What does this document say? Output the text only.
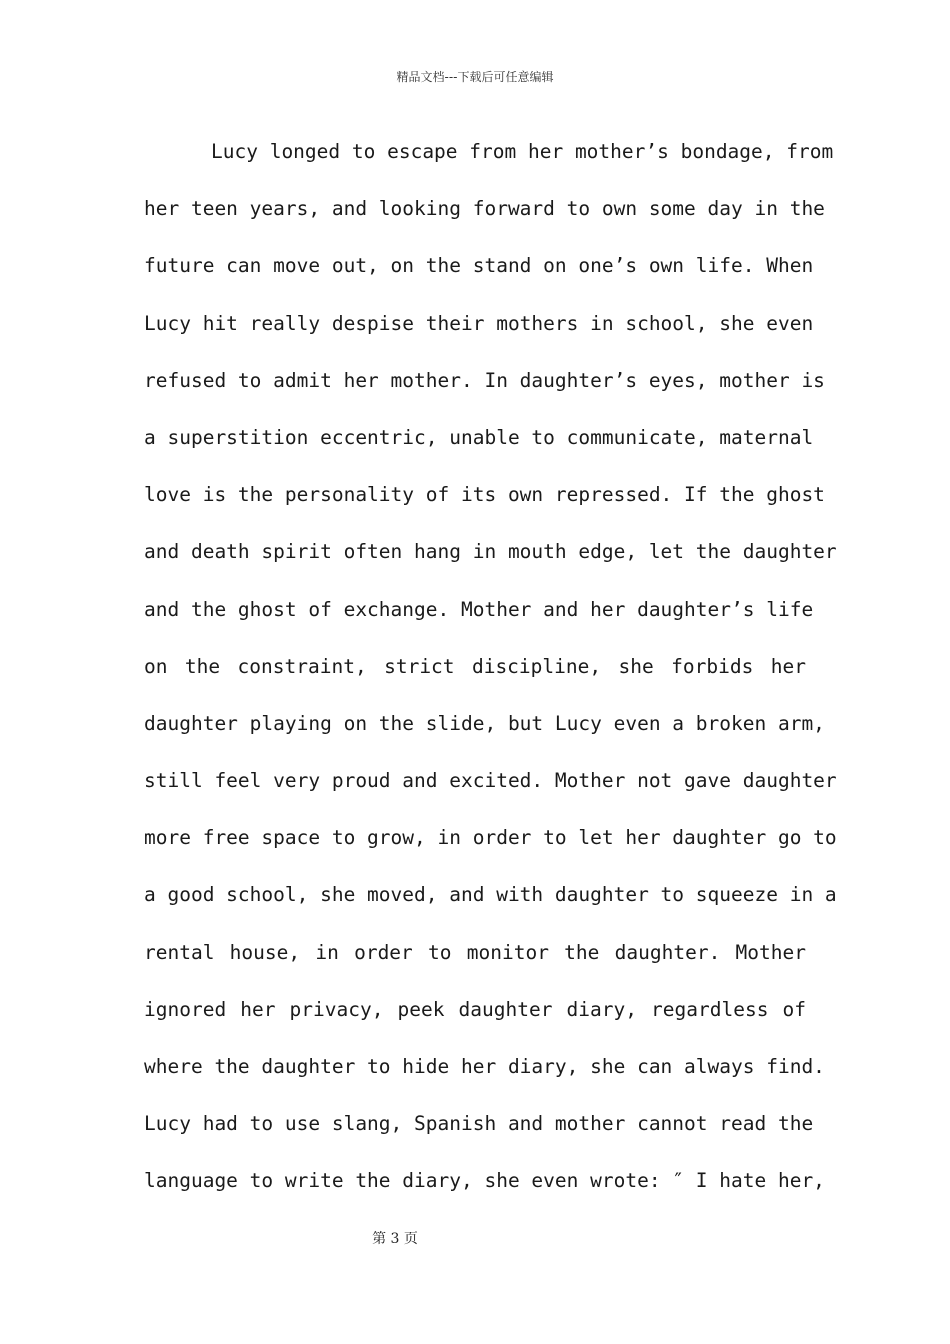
精品文档---下载后可任意编辑
Lucy longed to escape from her mother’s bondage, from
her teen years, and looking forward to own some day in the
future can move out, on the stand on one’s own life. When
Lucy hit really despise their mothers in school, she even
refused to admit her mother. In daughter’s eyes, mother is
a superstition eccentric, unable to communicate, maternal
love is the personality of its own repressed. If the ghost
and death spirit often hang in mouth edge, let the daughter
and the ghost of exchange. Mother and her daughter’s life
on the constraint, strict discipline, she forbids her
daughter playing on the slide, but Lucy even a broken arm,
still feel very proud and excited. Mother not gave daughter
more free space to grow, in order to let her daughter go to
a good school, she moved, and with daughter to squeeze in a
rental house, in order to monitor the daughter. Mother
ignored her privacy, peek daughter diary, regardless of
where the daughter to hide her diary, she can always find.
Lucy had to use slang, Spanish and mother cannot read the
language to write the diary, she even wrote: ″ I hate her,
第 3 页
